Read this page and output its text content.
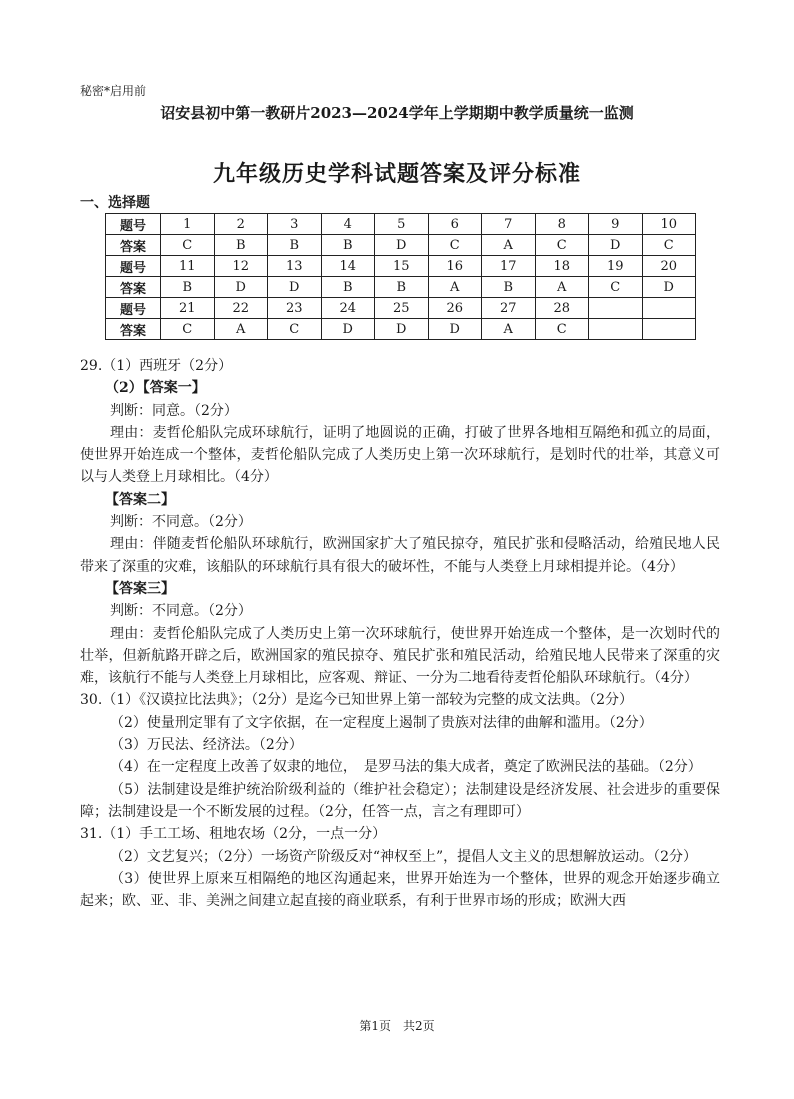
秘密*启用前
诏安县初中第一教研片2023—2024学年上学期期中教学质量统一监测
九年级历史学科试题答案及评分标准
一、选择题
题号	1	2	3	4	5	6	7	8	9	10
答案	C	B	B	B	D	C	A	C	D	C
题号	11	12	13	14	15	16	17	18	19	20
答案	B	D	D	B	B	A	B	A	C	D
题号	21	22	23	24	25	26	27	28		
答案	C	A	C	D	D	D	A	C		

29.（1）西班牙（2分）

（2）【答案一】

判断：同意。（2分）

理由：麦哲伦船队完成环球航行，证明了地圆说的正确，打破了世界各地相互隔绝和孤立的局面，使世界开始连成一个整体，麦哲伦船队完成了人类历史上第一次环球航行，是划时代的壮举，其意义可以与人类登上月球相比。（4分）

【答案二】

判断：不同意。（2分）

理由：伴随麦哲伦船队环球航行，欧洲国家扩大了殖民掠夺，殖民扩张和侵略活动，给殖民地人民带来了深重的灾难，该船队的环球航行具有很大的破坏性，不能与人类登上月球相提并论。（4分）

【答案三】

判断：不同意。（2分）

理由：麦哲伦船队完成了人类历史上第一次环球航行，使世界开始连成一个整体，是一次划时代的壮举，但新航路开辟之后，欧洲国家的殖民掠夺、殖民扩张和殖民活动，给殖民地人民带来了深重的灾难，该航行不能与人类登上月球相比，应客观、辩证、一分为二地看待麦哲伦船队环球航行。（4分）

30.（1）《汉谟拉比法典》；（2分）是迄今已知世界上第一部较为完整的成文法典。（2分）

（2）使量刑定罪有了文字依据，在一定程度上遏制了贵族对法律的曲解和滥用。（2分）

（3）万民法、经济法。（2分）

（4）在一定程度上改善了奴隶的地位，　是罗马法的集大成者，奠定了欧洲民法的基础。（2分）

（5）法制建设是维护统治阶级利益的（维护社会稳定）；法制建设是经济发展、社会进步的重要保障；法制建设是一个不断发展的过程。（2分，任答一点，言之有理即可）

31.（1）手工工场、租地农场（2分，一点一分）

（2）文艺复兴；（2分）一场资产阶级反对“神权至上”，提倡人文主义的思想解放运动。（2分）

（3）使世界上原来互相隔绝的地区沟通起来，世界开始连为一个整体，世界的观念开始逐步确立起来；欧、亚、非、美洲之间建立起直接的商业联系，有利于世界市场的形成；欧洲大西

第1页　共2页
